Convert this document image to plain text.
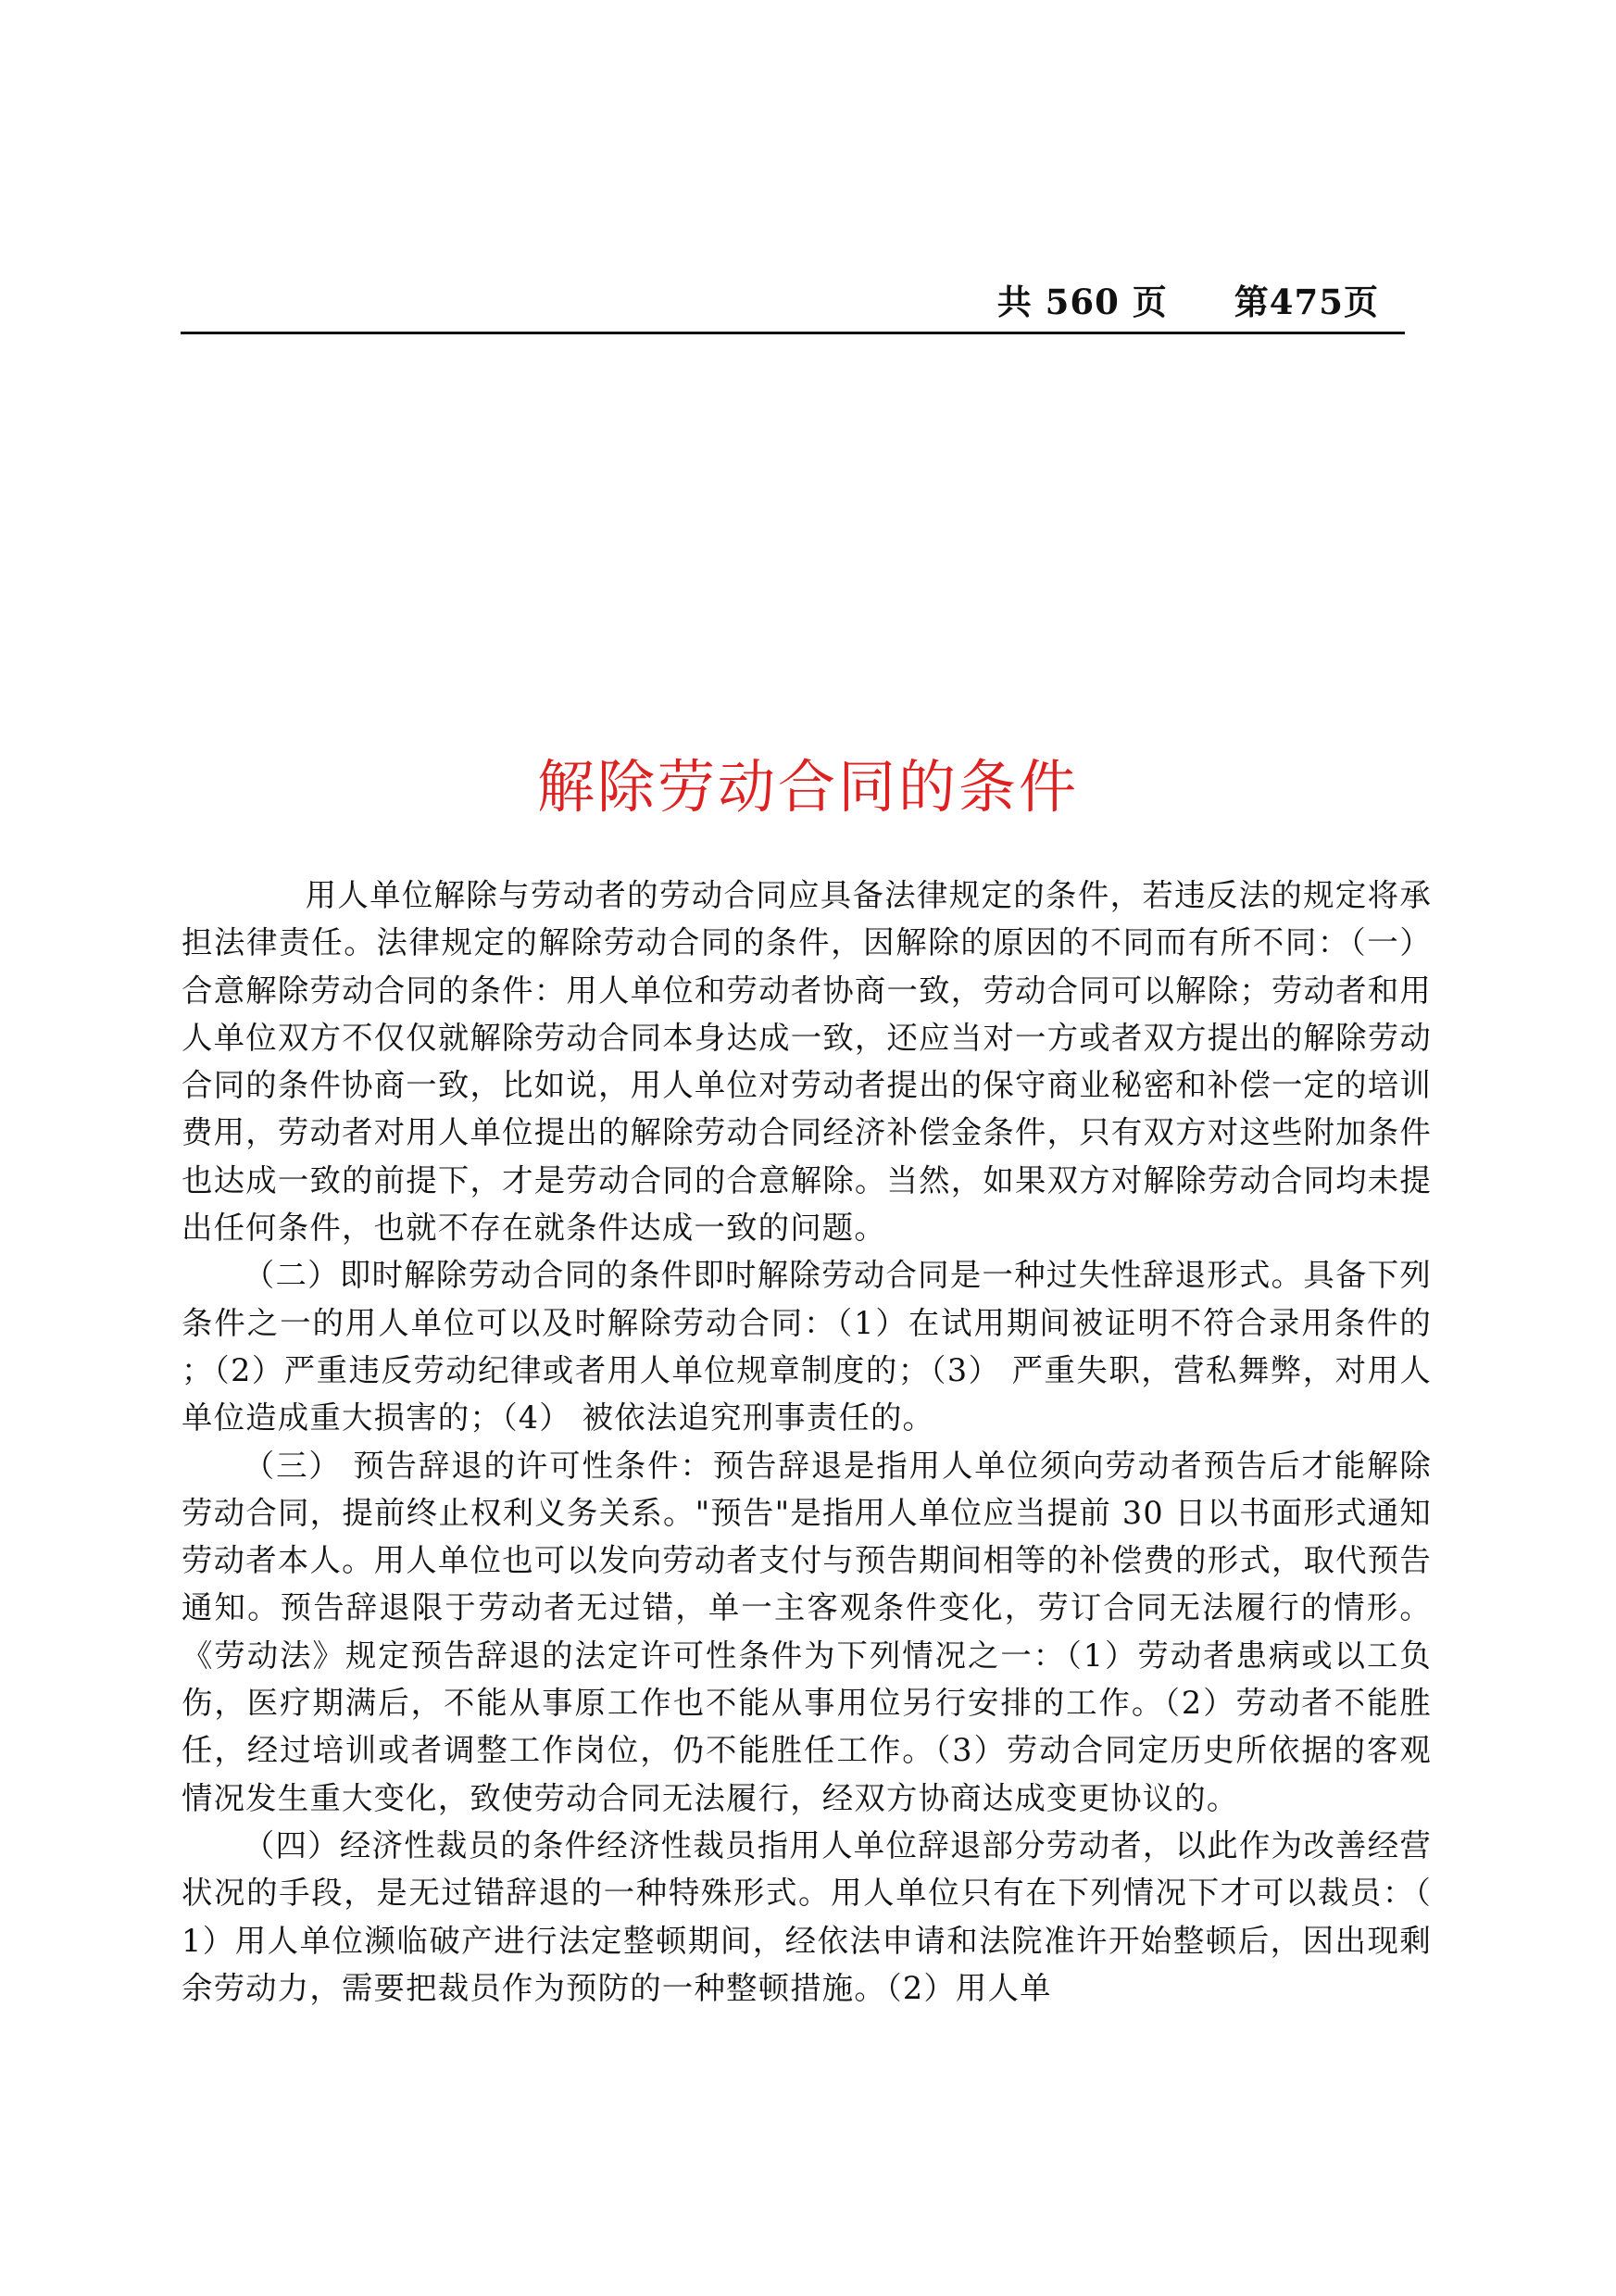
共 560 页 第475页
解除劳动合同的条件

用人单位解除与劳动者的劳动合同应具备法律规定的条件，若违反法的规定将承担法律责任。法律规定的解除劳动合同的条件，因解除的原因的不同而有所不同：（一）合意解除劳动合同的条件：用人单位和劳动者协商一致，劳动合同可以解除；劳动者和用人单位双方不仅仅就解除劳动合同本身达成一致，还应当对一方或者双方提出的解除劳动合同的条件协商一致，比如说，用人单位对劳动者提出的保守商业秘密和补偿一定的培训费用，劳动者对用人单位提出的解除劳动合同经济补偿金条件，只有双方对这些附加条件也达成一致的前提下，才是劳动合同的合意解除。当然，如果双方对解除劳动合同均未提出任何条件，也就不存在就条件达成一致的问题。

（二）即时解除劳动合同的条件即时解除劳动合同是一种过失性辞退形式。具备下列条件之一的用人单位可以及时解除劳动合同：（1）在试用期间被证明不符合录用条件的；（2）严重违反劳动纪律或者用人单位规章制度的；（3） 严重失职，营私舞弊，对用人单位造成重大损害的；（4） 被依法追究刑事责任的。

（三） 预告辞退的许可性条件：预告辞退是指用人单位须向劳动者预告后才能解除劳动合同，提前终止权利义务关系。"预告"是指用人单位应当提前 30 日以书面形式通知劳动者本人。用人单位也可以发向劳动者支付与预告期间相等的补偿费的形式，取代预告通知。预告辞退限于劳动者无过错，单一主客观条件变化，劳订合同无法履行的情形。 《劳动法》规定预告辞退的法定许可性条件为下列情况之一：（1）劳动者患病或以工负伤，医疗期满后，不能从事原工作也不能从事用位另行安排的工作。（2）劳动者不能胜任，经过培训或者调整工作岗位，仍不能胜任工作。（3）劳动合同定历史所依据的客观情况发生重大变化，致使劳动合同无法履行，经双方协商达成变更协议的。

（四）经济性裁员的条件经济性裁员指用人单位辞退部分劳动者，以此作为改善经营状况的手段，是无过错辞退的一种特殊形式。用人单位只有在下列情况下才可以裁员：（1）用人单位濒临破产进行法定整顿期间，经依法申请和法院准许开始整顿后，因出现剩余劳动力，需要把裁员作为预防的一种整顿措施。（2）用人单
